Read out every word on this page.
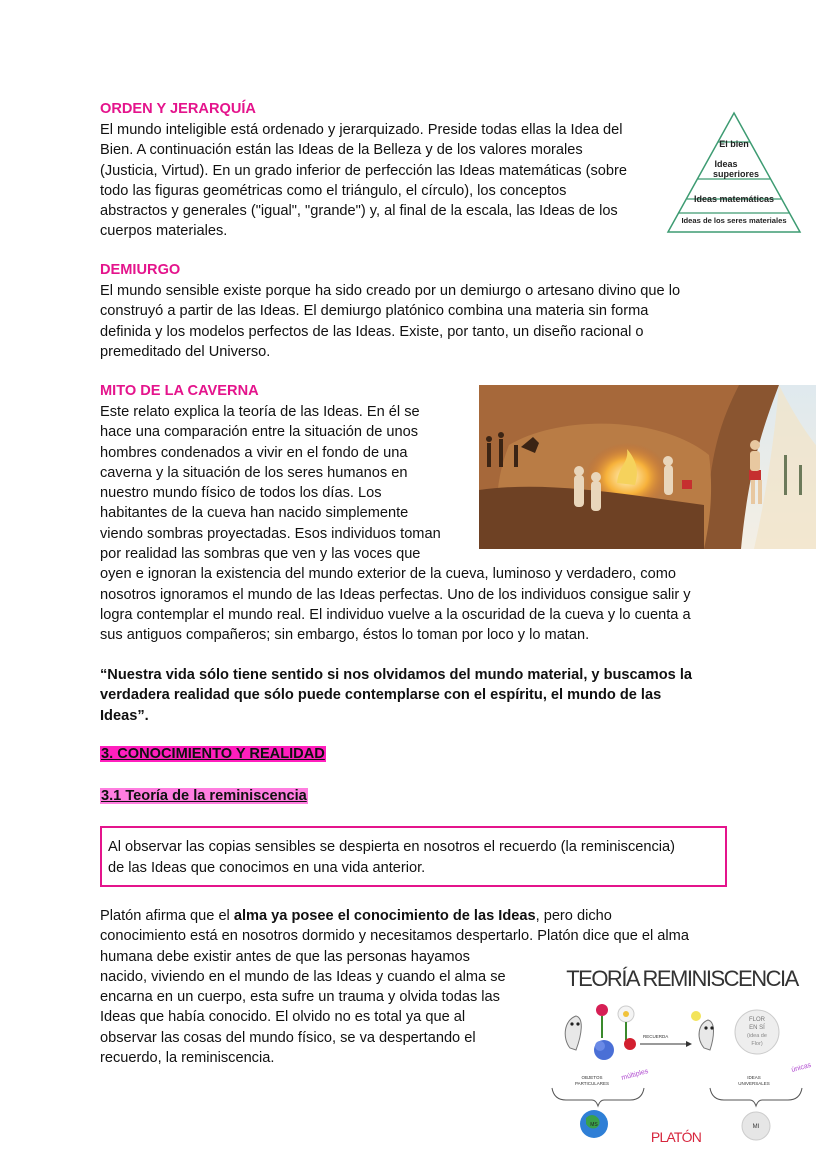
ORDEN Y JERARQUÍA
El mundo inteligible está ordenado y jerarquizado. Preside todas ellas la Idea del
Bien. A continuación están las Ideas de la Belleza y de los valores morales
(Justicia, Virtud). En un grado inferior de perfección las Ideas matemáticas (sobre
todo las figuras geométricas como el triángulo, el círculo), los conceptos
abstractos y generales ("igual", "grande") y, al final de la escala, las Ideas de los
cuerpos materiales.
El bien
Ideas
superiores
Ideas matemáticas
Ideas de los seres materiales
DEMIURGO
El mundo sensible existe porque ha sido creado por un demiurgo o artesano divino que lo
construyó a partir de las Ideas. El demiurgo platónico combina una materia sin forma
definida y los modelos perfectos de las Ideas. Existe, por tanto, un diseño racional o
premeditado del Universo.
MITO DE LA CAVERNA
Este relato explica la teoría de las Ideas. En él se
hace una comparación entre la situación de unos
hombres condenados a vivir en el fondo de una
caverna y la situación de los seres humanos en
nuestro mundo físico de todos los días. Los
habitantes de la cueva han nacido simplemente
viendo sombras proyectadas. Esos individuos toman
por realidad las sombras que ven y las voces que
oyen e ignoran la existencia del mundo exterior de la cueva, luminoso y verdadero, como
nosotros ignoramos el mundo de las Ideas perfectas. Uno de los individuos consigue salir y
logra contemplar el mundo real. El individuo vuelve a la oscuridad de la cueva y lo cuenta a
sus antiguos compañeros; sin embargo, éstos lo toman por loco y lo matan.
“Nuestra vida sólo tiene sentido si nos olvidamos del mundo material, y buscamos la
verdadera realidad que sólo puede contemplarse con el espíritu, el mundo de las
Ideas”.
3. CONOCIMIENTO Y REALIDAD
3.1 Teoría de la reminiscencia
Al observar las copias sensibles se despierta en nosotros el recuerdo (la reminiscencia)
de las Ideas que conocimos en una vida anterior.
Platón afirma que el alma ya posee el conocimiento de las Ideas, pero dicho
conocimiento está en nosotros dormido y necesitamos despertarlo. Platón dice que el alma
humana debe existir antes de que las personas hayamos
nacido, viviendo en el mundo de las Ideas y cuando el alma se
encarna en un cuerpo, esta sufre un trauma y olvida todas las
Ideas que había conocido. El olvido no es total ya que al
observar las cosas del mundo físico, se va despertando el
recuerdo, la reminiscencia.
TEORÍA REMINISCENCIA
RECUERDA
FLOR
EN SÍ
(idea de
Flor)
OBJETOS
PARTICULARES
múltiples	IDEAS
UNIVERSALES
únicas
MS	MI
PLATÓN
